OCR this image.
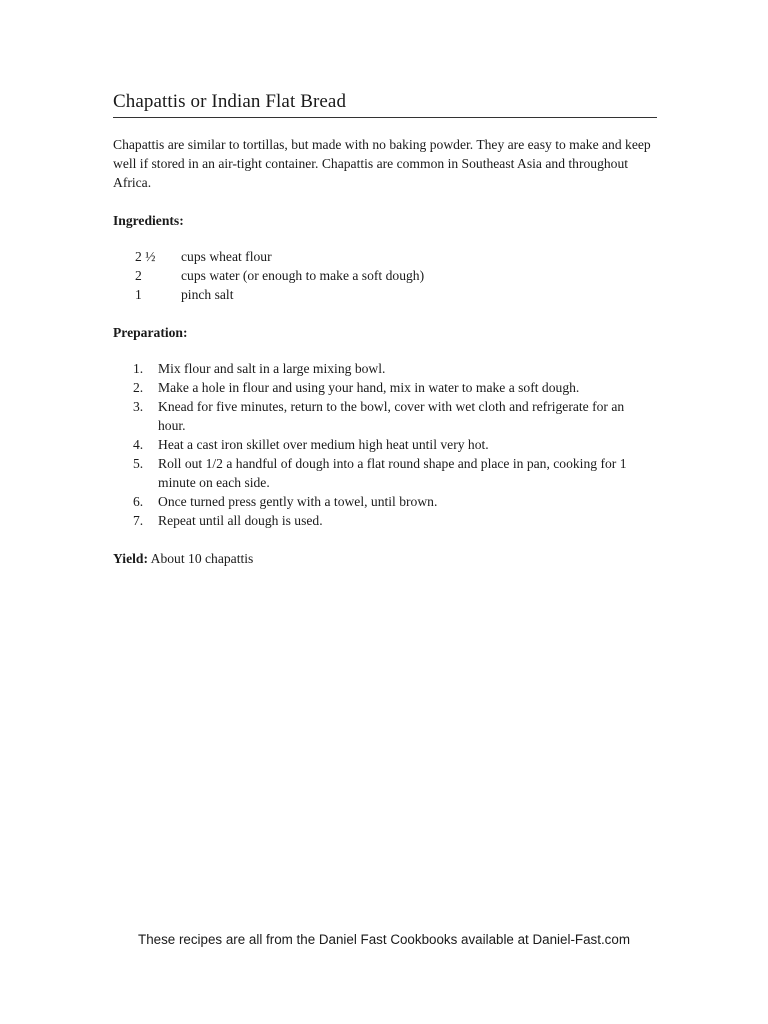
Chapattis or Indian Flat Bread

Chapattis are similar to tortillas, but made with no baking powder. They are easy to make and keep well if stored in an air-tight container. Chapattis are common in Southeast Asia and throughout Africa.

Ingredients:

2 ½	cups wheat flour
2	cups water (or enough to make a soft dough)
1	pinch salt

Preparation:

1.	Mix flour and salt in a large mixing bowl.
2.	Make a hole in flour and using your hand, mix in water to make a soft dough.
3.	Knead for five minutes, return to the bowl, cover with wet cloth and refrigerate for an hour.
4.	Heat a cast iron skillet over medium high heat until very hot.
5.	Roll out 1/2 a handful of dough into a flat round shape and place in pan, cooking for 1 minute on each side.
6.	Once turned press gently with a towel, until brown.
7.	Repeat until all dough is used.

Yield: About 10 chapattis

These recipes are all from the Daniel Fast Cookbooks available at Daniel-Fast.com
